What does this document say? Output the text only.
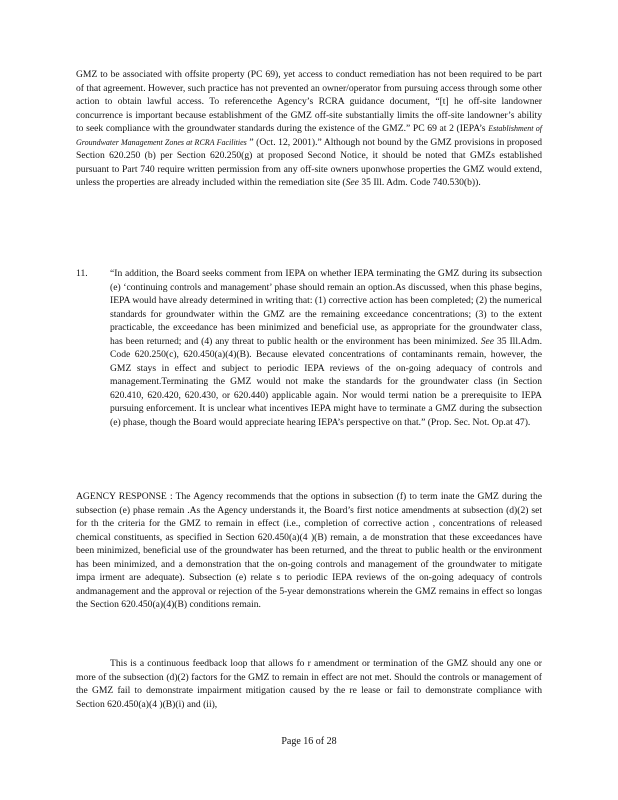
GMZ to be associated with offsite property (PC 69), yet access to conduct remediation has not been required to be part of that agreement. However, such practice has not prevented an owner/operator from pursuing access through some other action to obtain lawful access. To referencethe Agency’s RCRA guidance document, “[t] he off-site landowner concurrence is important because establishment of the GMZ off-site substantially limits the off-site landowner’s ability to seek compliance with the groundwater standards during the existence of the GMZ.” PC 69 at 2 (IEPA’s Establishment of Groundwater Management Zones at RCRA Facilities ” (Oct. 12, 2001).” Although not bound by the GMZ provisions in proposed Section 620.250 (b) per Section 620.250(g) at proposed Second Notice, it should be noted that GMZs established pursuant to Part 740 require written permission from any off-site owners uponwhose properties the GMZ would extend, unless the properties are already included within the remediation site (See 35 Ill. Adm. Code 740.530(b)).

11. “In addition, the Board seeks comment from IEPA on whether IEPA terminating the GMZ during its subsection (e) ‘continuing controls and management’ phase should remain an option.As discussed, when this phase begins, IEPA would have already determined in writing that: (1) corrective action has been completed; (2) the numerical standards for groundwater within the GMZ are the remaining exceedance concentrations; (3) to the extent practicable, the exceedance has been minimized and beneficial use, as appropriate for the groundwater class, has been returned; and (4) any threat to public health or the environment has been minimized. See 35 Ill.Adm. Code 620.250(c), 620.450(a)(4)(B). Because elevated concentrations of contaminants remain, however, the GMZ stays in effect and subject to periodic IEPA reviews of the on-going adequacy of controls and management.Terminating the GMZ would not make the standards for the groundwater class (in Section 620.410, 620.420, 620.430, or 620.440) applicable again. Nor would termi nation be a prerequisite to IEPA pursuing enforcement. It is unclear what incentives IEPA might have to terminate a GMZ during the subsection (e) phase, though the Board would appreciate hearing IEPA’s perspective on that.” (Prop. Sec. Not. Op.at 47).

AGENCY RESPONSE : The Agency recommends that the options in subsection (f) to term inate the GMZ during the subsection (e) phase remain .As the Agency understands it, the Board’s first notice amendments at subsection (d)(2) set for th the criteria for the GMZ to remain in effect (i.e., completion of corrective action , concentrations of released chemical constituents, as specified in Section 620.450(a)(4 )(B) remain, a de monstration that these exceedances have been minimized, beneficial use of the groundwater has been returned, and the threat to public health or the environment has been minimized, and a demonstration that the on-going controls and management of the groundwater to mitigate impa irment are adequate). Subsection (e) relate s to periodic IEPA reviews of the on-going adequacy of controls andmanagement and the approval or rejection of the 5-year demonstrations wherein the GMZ remains in effect so longas the Section 620.450(a)(4)(B) conditions remain.

This is a continuous feedback loop that allows fo r amendment or termination of the GMZ should any one or more of the subsection (d)(2) factors for the GMZ to remain in effect are not met. Should the controls or management of the GMZ fail to demonstrate impairment mitigation caused by the re lease or fail to demonstrate compliance with Section 620.450(a)(4 )(B)(i) and (ii),

Page 16 of 28
